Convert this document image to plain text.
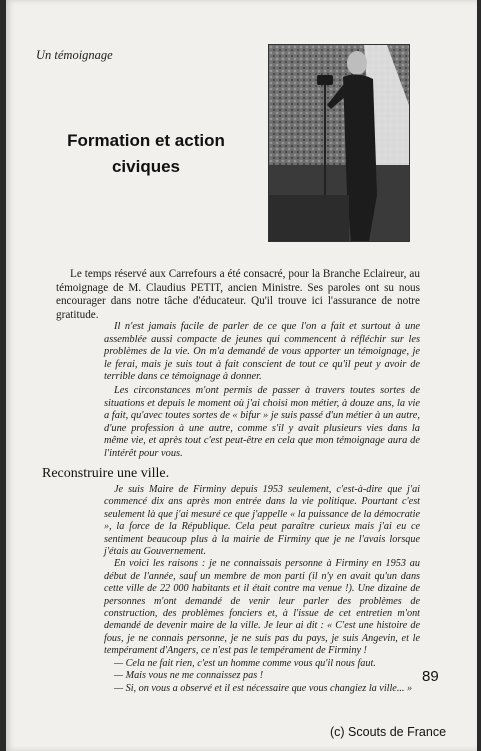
Un témoignage
Formation et action civiques

Le temps réservé aux Carrefours a été consacré, pour la Branche Eclaireur, au témoignage de M. Claudius PETIT, ancien Ministre. Ses paroles ont su nous encourager dans notre tâche d'éducateur. Qu'il trouve ici l'assurance de notre gratitude.

Il n'est jamais facile de parler de ce que l'on a fait et surtout à une assemblée aussi compacte de jeunes qui commencent à réfléchir sur les problèmes de la vie. On m'a demandé de vous apporter un témoignage, je le ferai, mais je suis tout à fait conscient de tout ce qu'il peut y avoir de terrible dans ce témoignage à donner.

Les circonstances m'ont permis de passer à travers toutes sortes de situations et depuis le moment où j'ai choisi mon métier, à douze ans, la vie a fait, qu'avec toutes sortes de « bifur » je suis passé d'un métier à un autre, d'une profession à une autre, comme s'il y avait plusieurs vies dans la même vie, et après tout c'est peut-être en cela que mon témoignage aura de l'intérêt pour vous.

Reconstruire une ville.

Je suis Maire de Firminy depuis 1953 seulement, c'est-à-dire que j'ai commencé dix ans après mon entrée dans la vie politique. Pourtant c'est seulement là que j'ai mesuré ce que j'appelle « la puissance de la démocratie », la force de la République. Cela peut paraître curieux mais j'ai eu ce sentiment beaucoup plus à la mairie de Firminy que je ne l'avais lorsque j'étais au Gouvernement.

En voici les raisons : je ne connaissais personne à Firminy en 1953 au début de l'année, sauf un membre de mon parti (il n'y en avait qu'un dans cette ville de 22 000 habitants et il était contre ma venue !). Une dizaine de personnes m'ont demandé de venir leur parler des problèmes de construction, des problèmes fonciers et, à l'issue de cet entretien m'ont demandé de devenir maire de la ville. Je leur ai dit : « C'est une histoire de fous, je ne connais personne, je ne suis pas du pays, je suis Angevin, et le tempérament d'Angers, ce n'est pas le tempérament de Firminy !

— Cela ne fait rien, c'est un homme comme vous qu'il nous faut.

— Mais vous ne me connaissez pas !

— Si, on vous a observé et il est nécessaire que vous changiez la ville... »

89
(c) Scouts de France
